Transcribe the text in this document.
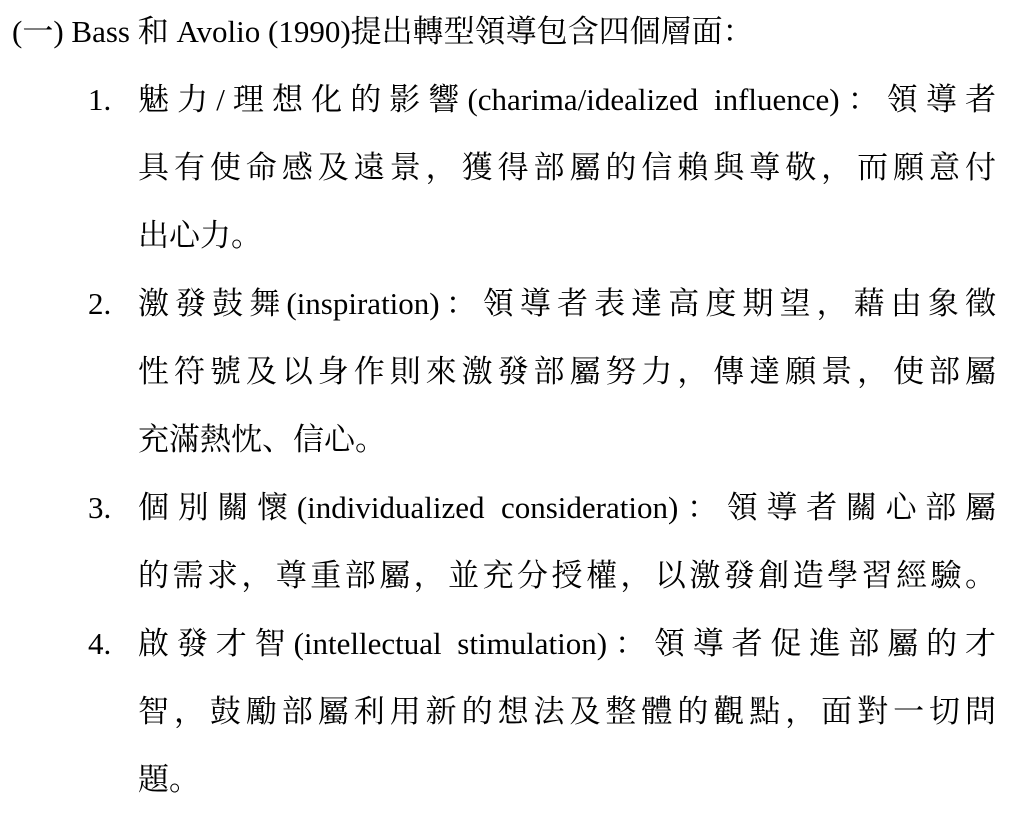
(一) Bass 和 Avolio (1990)提出轉型領導包含四個層面：
1. 魅力/理想化的影響(charima/idealized influence)：領導者
具有使命感及遠景，獲得部屬的信賴與尊敬，而願意付
出心力。
2. 激發鼓舞(inspiration)：領導者表達高度期望，藉由象徵
性符號及以身作則來激發部屬努力，傳達願景，使部屬
充滿熱忱、信心。
3. 個別關懷(individualized consideration)：領導者關心部屬
的需求，尊重部屬，並充分授權，以激發創造學習經驗。
4. 啟發才智(intellectual stimulation)：領導者促進部屬的才
智，鼓勵部屬利用新的想法及整體的觀點，面對一切問
題。
